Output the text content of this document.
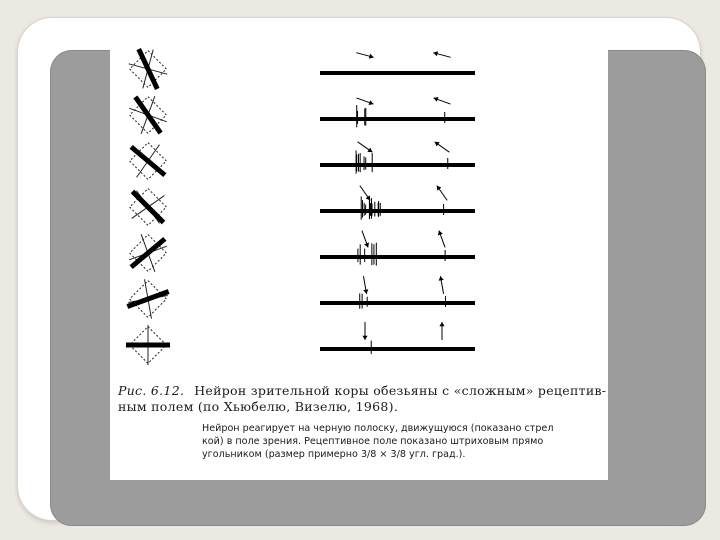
Рис. 6.12. Нейрон зрительной коры обезьяны с «сложным» рецептив-
ным полем (по Хьюбелю, Визелю, 1968).
Нейрон реагирует на черную полоску, движущуюся (показано стрел
кой) в поле зрения. Рецептивное поле показано штриховым прямо
угольником (размер примерно 3/8 × 3/8 угл. град.).
